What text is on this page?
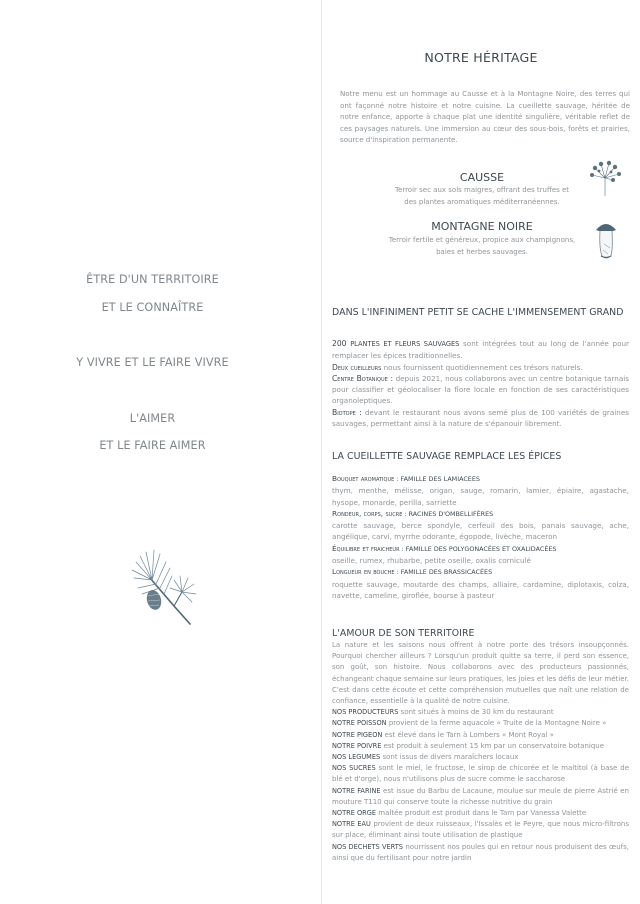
ÊTRE D'UN TERRITOIRE
ET LE CONNAÎTRE
Y VIVRE ET LE FAIRE VIVRE
L'AIMER
ET LE FAIRE AIMER
NOTRE HÉRITAGE
Notre menu est un hommage au Causse et à la Montagne Noire, des terres qui ont façonné notre histoire et notre cuisine. La cueillette sauvage, héritée de notre enfance, apporte à chaque plat une identité singulière, véritable reflet de ces paysages naturels. Une immersion au cœur des sous-bois, forêts et prairies, source d'inspiration permanente.
CAUSSE
Terroir sec aux sols maigres, offrant des truffes et
des plantes aromatiques méditerranéennes.
MONTAGNE NOIRE
Terroir fertile et généreux, propice aux champignons,
baies et herbes sauvages.
DANS L'INFINIMENT PETIT SE CACHE L'IMMENSEMENT GRAND

200 PLANTES ET FLEURS SAUVAGES sont intégrées tout au long de l'année pour remplacer les épices traditionnelles.

Deux cueilleurs nous fournissent quotidiennement ces trésors naturels.

Centre Botanique : depuis 2021, nous collaborons avec un centre botanique tarnais pour classifier et géolocaliser la flore locale en fonction de ses caractéristiques organoleptiques.

Biotope : devant le restaurant nous avons semé plus de 100 variétés de graines sauvages, permettant ainsi à la nature de s'épanouir librement.

LA CUEILLETTE SAUVAGE REMPLACE LES ÉPICES

Bouquet aromatique : FAMILLE DES LAMIACEES

thym, menthe, mélisse, origan, sauge, romarin, lamier, épiaire, agastache, hysope, monarde, perilla, sarriette

Rondeur, corps, sucre : RACINES D'OMBELLIFÈRES

carotte sauvage, berce spondyle, cerfeuil des bois, panais sauvage, ache, angélique, carvi, myrrhe odorante, égopode, livèche, maceron

Équilibre et fraicheur : FAMILLE DES POLYGONACÉES ET OXALIDACÉES

oseille, rumex, rhubarbe, petite oseille, oxalis corniculé

Longueur en bouche : FAMILLE DES BRASSICACÉES

roquette sauvage, moutarde des champs, alliaire, cardamine, diplotaxis, colza, navette, cameline, giroflée, bourse à pasteur

L'AMOUR DE SON TERRITOIRE

La nature et les saisons nous offrent à notre porte des trésors insoupçonnés. Pourquoi chercher ailleurs ? Lorsqu'un produit quitte sa terre, il perd son essence, son goût, son histoire. Nous collaborons avec des producteurs passionnés, échangeant chaque semaine sur leurs pratiques, les joies et les défis de leur métier. C'est dans cette écoute et cette compréhension mutuelles que naît une relation de confiance, essentielle à la qualité de notre cuisine.

NOS PRODUCTEURS sont situés à moins de 30 km du restaurant

NOTRE POISSON provient de la ferme aquacole « Truite de la Montagne Noire »

NOTRE PIGEON est élevé dans le Tarn à Lombers « Mont Royal »

NOTRE POIVRE est produit à seulement 15 km par un conservatoire botanique

NOS LEGUMES sont issus de divers maraîchers locaux

NOS SUCRES sont le miel, le fructose, le sirop de chicorée et le maltitol (à base de blé et d'orge), nous n'utilisons plus de sucre comme le saccharose

NOTRE FARINE est issue du Barbu de Lacaune, moulue sur meule de pierre Astrié en mouture T110 qui conserve toute la richesse nutritive du grain

NOTRE ORGE maltée produit est produit dans le Tarn par Vanessa Valette

NOTRE EAU provient de deux ruisseaux, l'Issalès et le Peyre, que nous micro-filtrons sur place, éliminant ainsi toute utilisation de plastique

NOS DECHETS VERTS nourrissent nos poules qui en retour nous produisent des œufs, ainsi que du fertilisant pour notre jardin
